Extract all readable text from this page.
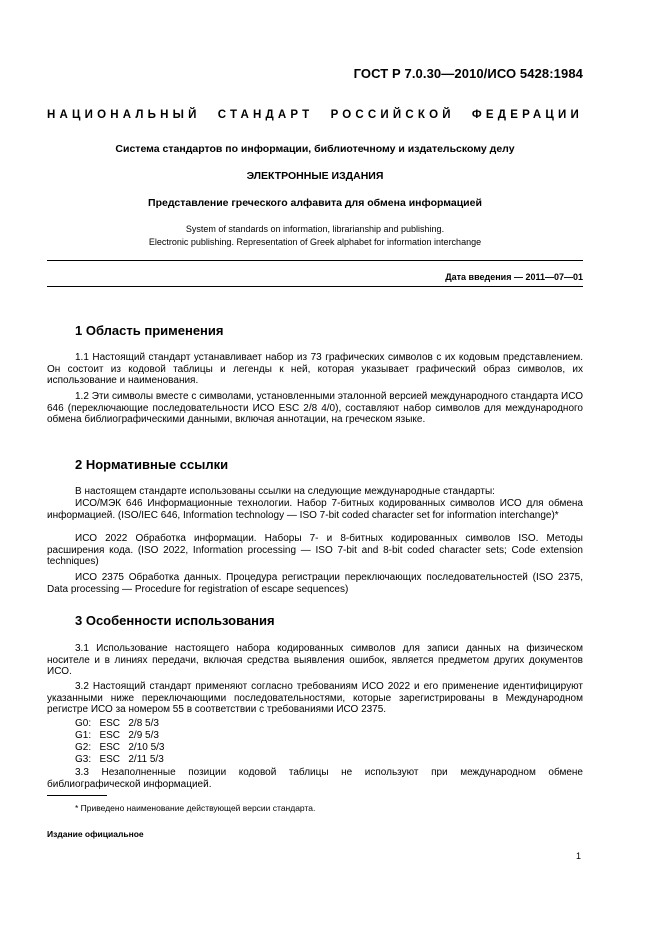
ГОСТ Р 7.0.30—2010/ИСО 5428:1984
НАЦИОНАЛЬНЫЙ СТАНДАРТ РОССИЙСКОЙ ФЕДЕРАЦИИ
Система стандартов по информации, библиотечному и издательскому делу
ЭЛЕКТРОННЫЕ ИЗДАНИЯ
Представление греческого алфавита для обмена информацией
System of standards on information, librarianship and publishing.
Electronic publishing. Representation of Greek alphabet for information interchange
Дата введения — 2011—07—01
1 Область применения
1.1 Настоящий стандарт устанавливает набор из 73 графических символов с их кодовым представлением. Он состоит из кодовой таблицы и легенды к ней, которая указывает графический образ символов, их использование и наименования.
1.2 Эти символы вместе с символами, установленными эталонной версией международного стандарта ИСО 646 (переключающие последовательности ИСО ESC 2/8 4/0), составляют набор символов для международного обмена библиографическими данными, включая аннотации, на греческом языке.
2 Нормативные ссылки
В настоящем стандарте использованы ссылки на следующие международные стандарты:
ИСО/МЭК 646 Информационные технологии. Набор 7-битных кодированных символов ИСО для обмена информацией. (ISO/IEC 646, Information technology — ISO 7-bit coded character set for information interchange)*
ИСО 2022 Обработка информации. Наборы 7- и 8-битных кодированных символов ISO. Методы расширения кода. (ISO 2022, Information processing — ISO 7-bit and 8-bit coded character sets; Code extension techniques)
ИСО 2375 Обработка данных. Процедура регистрации переключающих последовательностей (ISO 2375, Data processing — Procedure for registration of escape sequences)
3 Особенности использования
3.1 Использование настоящего набора кодированных символов для записи данных на физическом носителе и в линиях передачи, включая средства выявления ошибок, является предметом других документов ИСО.
3.2 Настоящий стандарт применяют согласно требованиям ИСО 2022 и его применение идентифицируют указанными ниже переключающими последовательностями, которые зарегистрированы в Международном регистре ИСО за номером 55 в соответствии с требованиями ИСО 2375.
G0:   ESC   2/8 5/3
G1:   ESC   2/9 5/3
G2:   ESC   2/10 5/3
G3:   ESC   2/11 5/3
3.3 Незаполненные позиции кодовой таблицы не используют при международном обмене библиографической информацией.
* Приведено наименование действующей версии стандарта.
Издание официальное
1
